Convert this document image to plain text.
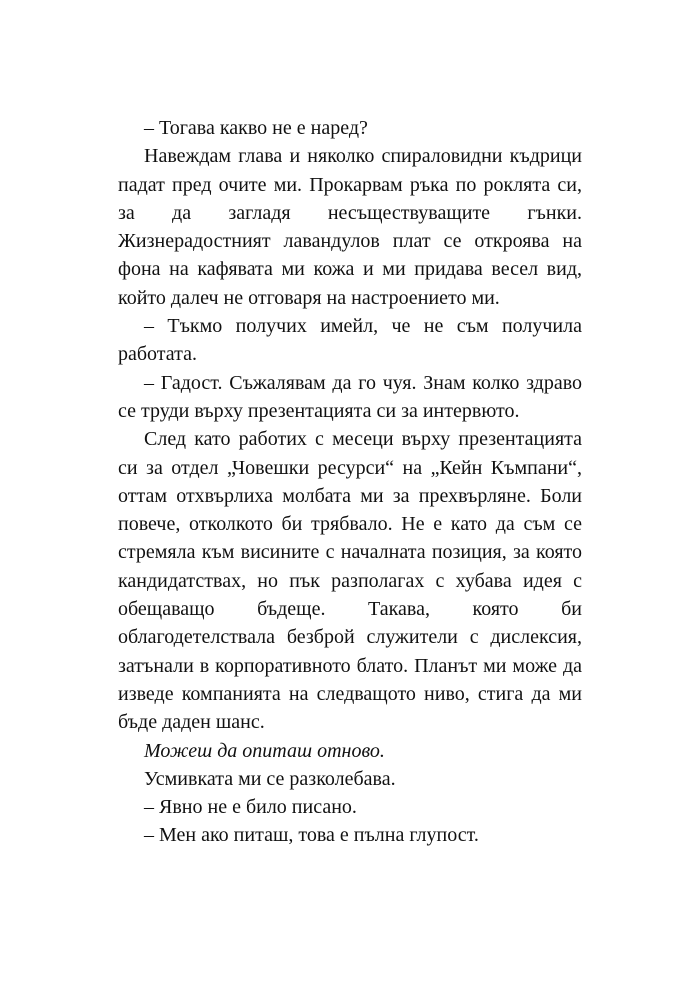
– Тогава какво не е наред?

Навеждам глава и няколко спираловидни къдрици падат пред очите ми. Прокарвам ръка по роклята си, за да загладя несъществуващите гънки. Жизнерадостният лавандулов плат се откроява на фона на кафявата ми кожа и ми придава весел вид, който далеч не отговаря на настроението ми.

– Тъкмо получих имейл, че не съм получила работата.

– Гадост. Съжалявам да го чуя. Знам колко здраво се труди върху презентацията си за интервюто.

След като работих с месеци върху презентацията си за отдел „Човешки ресурси“ на „Кейн Къмпани“, оттам отхвърлиха молбата ми за прехвърляне. Боли повече, отколкото би трябвало. Не е като да съм се стремяла към висините с началната позиция, за която кандидатствах, но пък разполагах с хубава идея с обещаващо бъдеще. Такава, която би облагодетелствала безброй служители с дислексия, затънали в корпоративното блато. Планът ми може да изведе компанията на следващото ниво, стига да ми бъде даден шанс.

Можеш да опиташ отново.

Усмивката ми се разколебава.

– Явно не е било писано.

– Мен ако питаш, това е пълна глупост.
